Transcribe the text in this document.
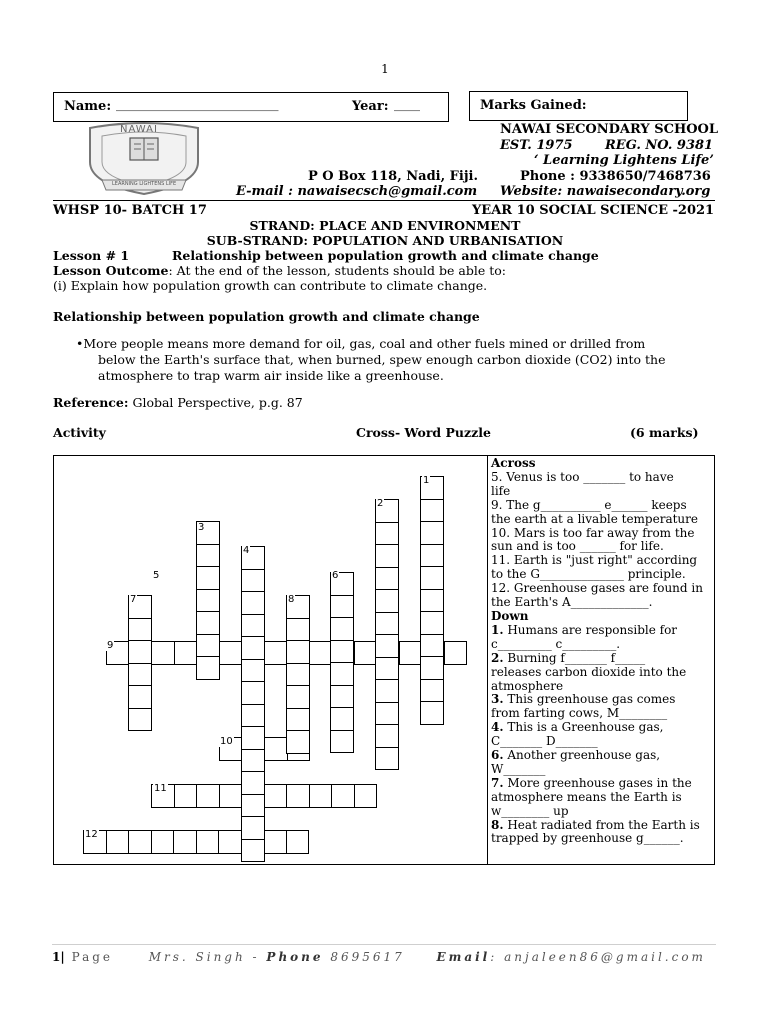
1
Name: _________________________	Year: ____	Marks Gained:
NAWAI
LEARNING LIGHTENS LIFE
NAWAI SECONDARY SCHOOL
EST. 1975 REG. NO. 9381
‘ Learning Lightens Life’
P O Box 118, Nadi, Fiji.	Phone : 9338650/7468736
E-mail : nawaisecsch@gmail.com Website: nawaisecondary.org
WHSP 10- BATCH 17	YEAR 10 SOCIAL SCIENCE -2021
STRAND: PLACE AND ENVIRONMENT
SUB-STRAND: POPULATION AND URBANISATION
Lesson # 1	Relationship between population growth and climate change
Lesson Outcome: At the end of the lesson, students should be able to:
(i) Explain how population growth can contribute to climate change.
Relationship between population growth and climate change
•More people means more demand for oil, gas, coal and other fuels mined or drilled from
below the Earth's surface that, when burned, spew enough carbon dioxide (CO2) into the
atmosphere to trap warm air inside like a greenhouse.
Reference: Global Perspective, p.g. 87
Activity	Cross- Word Puzzle	(6 marks)
1
2
3
4
5	6
7	8
9
10
11
12
Across
5. Venus is too _______ to have
life
9. The g__________ e______ keeps
the earth at a livable temperature
10. Mars is too far away from the
sun and is too ______ for life.
11. Earth is "just right" according
to the G______________ principle.
12. Greenhouse gases are found in
the Earth's A_____________.
Down
1. Humans are responsible for
c_________ c_________.
2. Burning f_______ f_____
releases carbon dioxide into the
atmosphere
3. This greenhouse gas comes
from farting cows, M________
4. This is a Greenhouse gas,
C_______ D_______
6. Another greenhouse gas,
W_______
7. More greenhouse gases in the
atmosphere means the Earth is
w________ up
8. Heat radiated from the Earth is
trapped by greenhouse g______.
1| Page	Mrs. Singh - Phone 8695617	Email: anjaleen86@gmail.com
